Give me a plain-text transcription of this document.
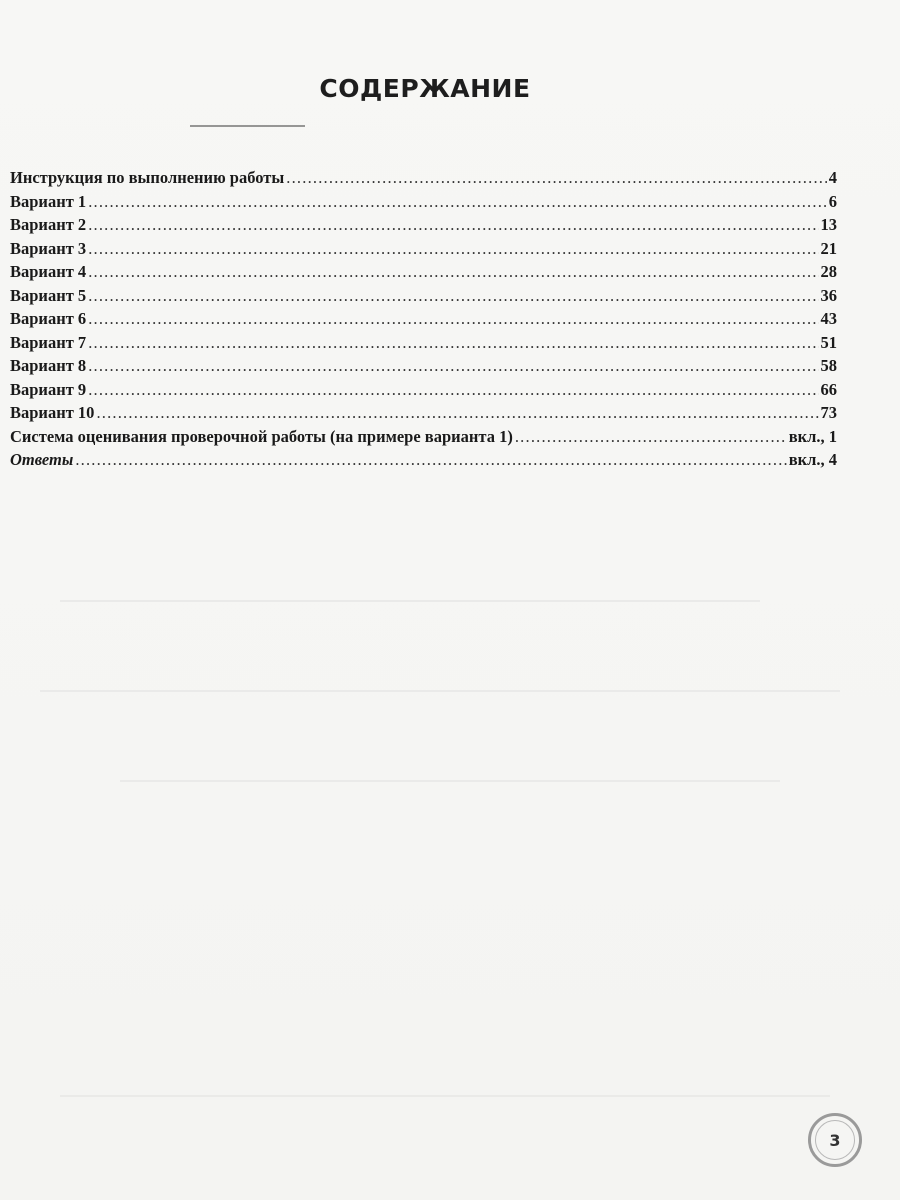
СОДЕРЖАНИЕ
Инструкция по выполнению работы .....	4
Вариант 1 .....	6
Вариант 2 .....	13
Вариант 3 .....	21
Вариант 4 .....	28
Вариант 5 .....	36
Вариант 6 .....	43
Вариант 7 .....	51
Вариант 8 .....	58
Вариант 9 .....	66
Вариант 10 .....	73
Система оценивания проверочной работы (на примере варианта 1) .....	вкл., 1
Ответы .....	вкл., 4
3
